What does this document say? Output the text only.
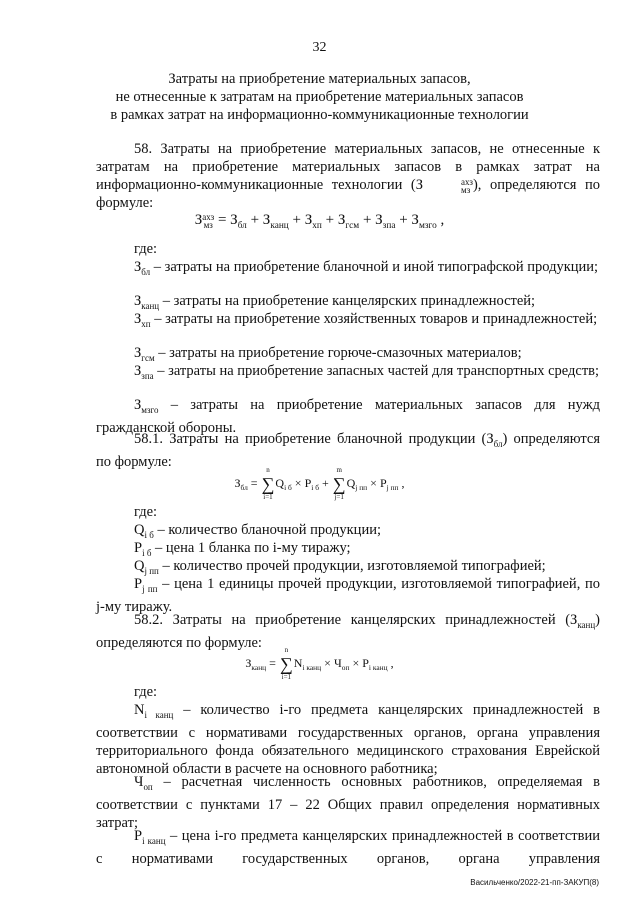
32
Затраты на приобретение материальных запасов,
не отнесенные к затратам на приобретение материальных запасов
в рамках затрат на информационно-коммуникационные технологии
58. Затраты на приобретение материальных запасов, не отнесенные к затратам на приобретение материальных запасов в рамках затрат на информационно-коммуникационные технологии (З	ахз
мз ), определяются по формуле:
З ахз
мз = $З_{бл} + З_{канц} + З_{хп} + З_{гсм} + З_{зпа} + З_{мзго}$ ,
где:
$З_{бл}$ – затраты на приобретение бланочной и иной типографской продукции;
$З_{канц}$ – затраты на приобретение канцелярских принадлежностей;
$З_{хп}$ – затраты на приобретение хозяйственных товаров и принадлежностей;
$З_{гсм}$ – затраты на приобретение горюче-смазочных материалов;
$З_{зпа}$ – затраты на приобретение запасных частей для транспортных средств;
$З_{мзго}$ – затраты на приобретение материальных запасов для нужд гражданской обороны.
58.1. Затраты на приобретение бланочной продукции $(З_{бл})$ определяются по формуле:
$З_{бл}$ =
n
∑
i=1
$Q_{i б} \times P_{i б}$ +
m
∑
j=1
$Q_{j пп} \times P_{j пп}$ ,
где:
$Q_{i б}$ – количество бланочной продукции;
$P_{i б}$ – цена 1 бланка по i-му тиражу;
$Q_{j пп}$ – количество прочей продукции, изготовляемой типографией;
$P_{j пп}$ – цена 1 единицы прочей продукции, изготовляемой типографией, по j-му тиражу.
58.2. Затраты на приобретение канцелярских принадлежностей $(З_{канц})$ определяются по формуле:
$З_{канц}$ =
n
∑
i=1
$N_{i канц} \times Ч_{оп} \times P_{i канц}$ ,
где:
$N_{i канц}$ – количество i-го предмета канцелярских принадлежностей в соответствии с нормативами государственных органов, органа управления территориального фонда обязательного медицинского страхования Еврейской автономной области в расчете на основного работника;
$Ч_{оп}$ – расчетная численность основных работников, определяемая в соответствии с пунктами 17 – 22 Общих правил определения нормативных затрат;
$P_{i канц}$ – цена i-го предмета канцелярских принадлежностей в соответствии с нормативами государственных органов, органа управления
Васильченко/2022-21-пп-ЗАКУП(8)
